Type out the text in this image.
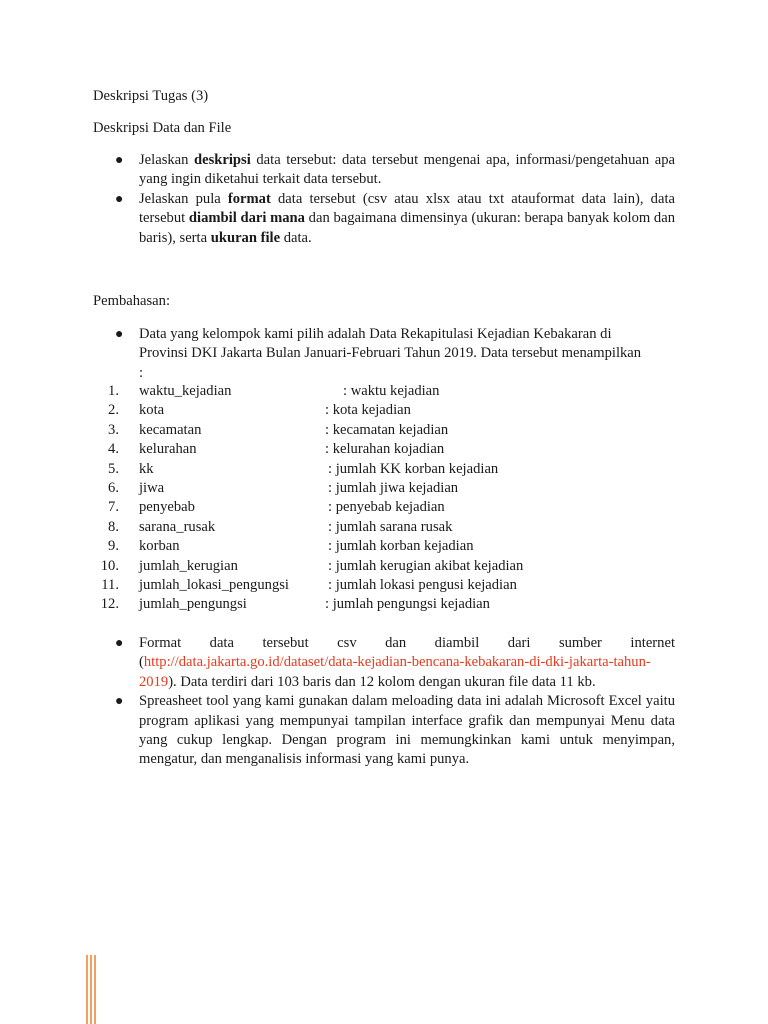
Deskripsi Tugas (3)
Deskripsi Data dan File
● Jelaskan deskripsi data tersebut: data tersebut mengenai apa, informasi/pengetahuan apa yang ingin diketahui terkait data tersebut.
● Jelaskan pula format data tersebut (csv atau xlsx atau txt atauformat data lain), data tersebut diambil dari mana dan bagaimana dimensinya (ukuran: berapa banyak kolom dan baris), serta ukuran file data.
Pembahasan:
● Data yang kelompok kami pilih adalah Data Rekapitulasi Kejadian Kebakaran di
Provinsi DKI Jakarta Bulan Januari-Februari Tahun 2019. Data tersebut menampilkan
:
1. waktu_kejadian	: waktu kejadian
2. kota	: kota kejadian
3. kecamatan	: kecamatan kejadian
4. kelurahan	: kelurahan kojadian
5. kk	: jumlah KK korban kejadian
6. jiwa	: jumlah jiwa kejadian
7. penyebab	: penyebab kejadian
8. sarana_rusak	: jumlah sarana rusak
9. korban	: jumlah korban kejadian
10. jumlah_kerugian	: jumlah kerugian akibat kejadian
11. jumlah_lokasi_pengungsi	: jumlah lokasi pengusi kejadian
12. jumlah_pengungsi	: jumlah pengungsi kejadian
● Format data tersebut csv dan diambil dari sumber internet
(http://data.jakarta.go.id/dataset/data-kejadian-bencana-kebakaran-di-dki-jakarta-tahun-2019). Data terdiri dari 103 baris dan 12 kolom dengan ukuran file data 11 kb.
● Spreasheet tool yang kami gunakan dalam meloading data ini adalah Microsoft Excel yaitu program aplikasi yang mempunyai tampilan interface grafik dan mempunyai Menu data yang cukup lengkap. Dengan program ini memungkinkan kami untuk menyimpan, mengatur, dan menganalisis informasi yang kami punya.
